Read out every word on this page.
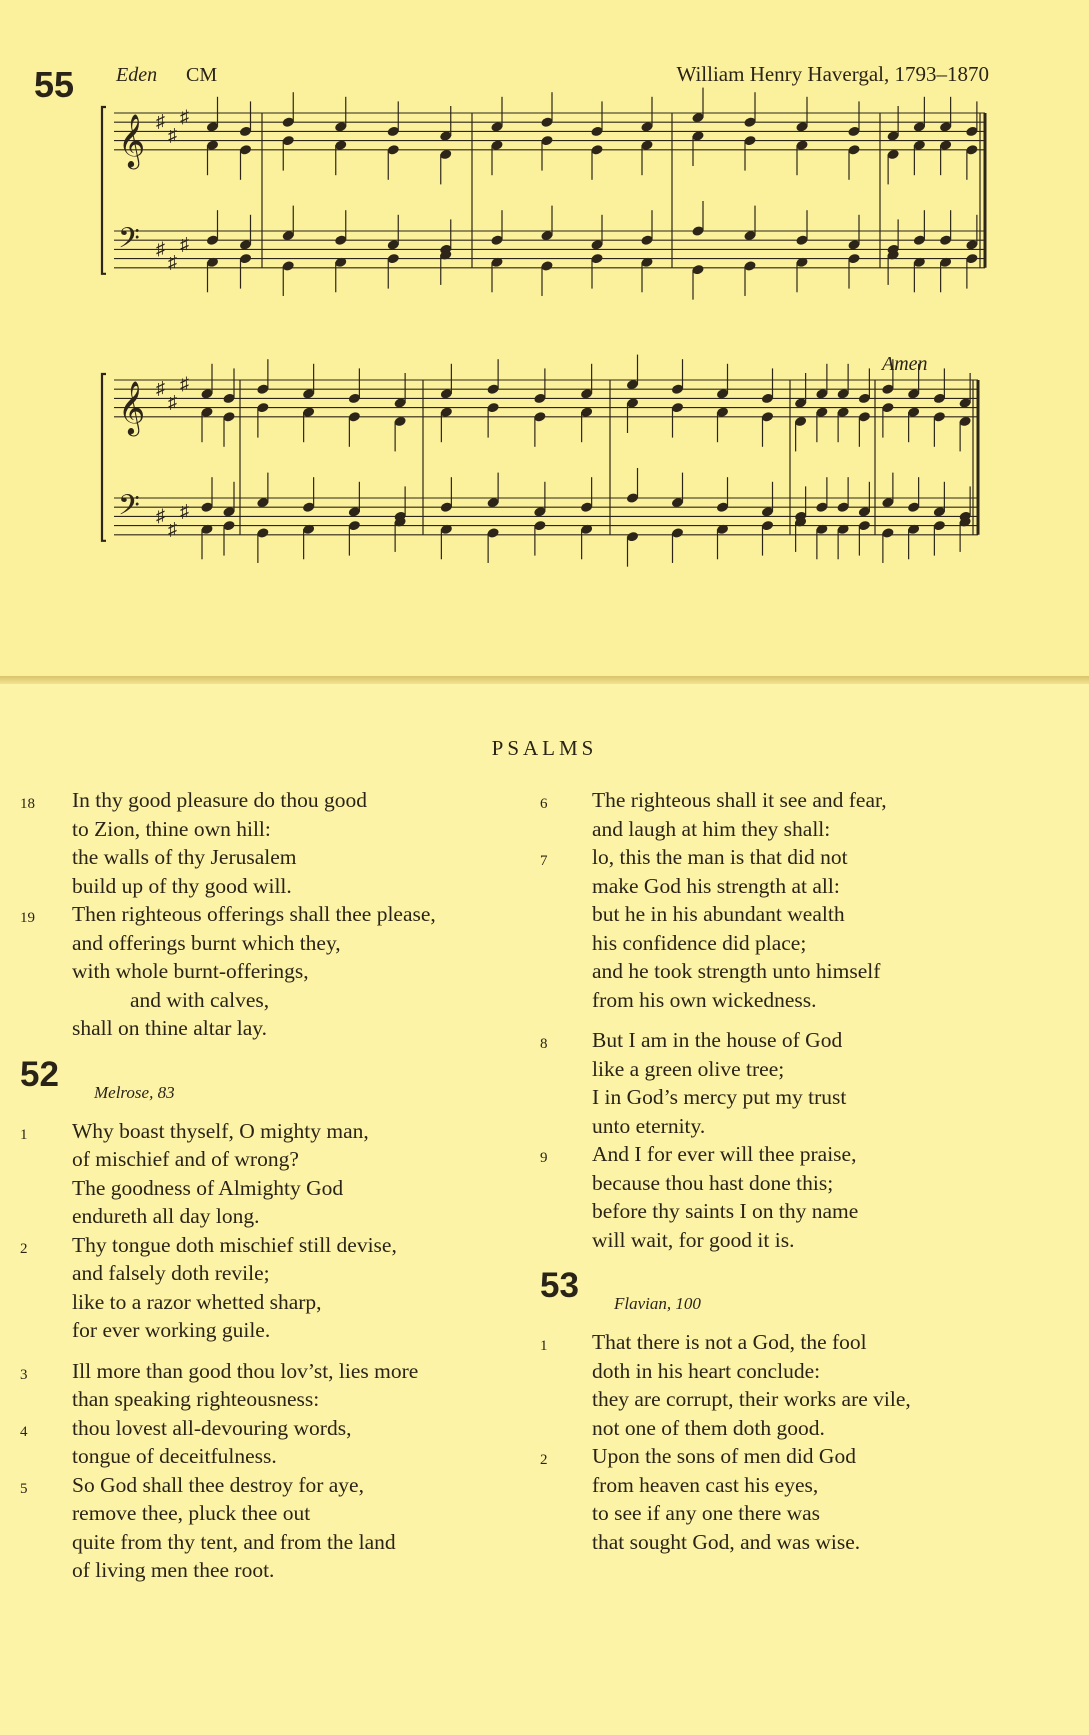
55 Eden CM	William Henry Havergal, 1793–1870
Amen
𝄞
𝄢
♯
♯
♯
♯
♯
♯
𝄞
𝄢
♯
♯
♯
♯
♯
♯
PSALMS
18	In thy good pleasure do thou good
to Zion, thine own hill:
the walls of thy Jerusalem
build up of thy good will.
19	Then righteous offerings shall thee please,
and offerings burnt which they,
with whole burnt-offerings,
and with calves,
shall on thine altar lay.
52 Melrose, 83
1	Why boast thyself, O mighty man,
of mischief and of wrong?
The goodness of Almighty God
endureth all day long.
2	Thy tongue doth mischief still devise,
and falsely doth revile;
like to a razor whetted sharp,
for ever working guile.
3	Ill more than good thou lov’st, lies more
than speaking righteousness:
4	thou lovest all-devouring words,
tongue of deceitfulness.
5	So God shall thee destroy for aye,
remove thee, pluck thee out
quite from thy tent, and from the land
of living men thee root.
6	The righteous shall it see and fear,
and laugh at him they shall:
7	lo, this the man is that did not
make God his strength at all:
but he in his abundant wealth
his confidence did place;
and he took strength unto himself
from his own wickedness.
8	But I am in the house of God
like a green olive tree;
I in God’s mercy put my trust
unto eternity.
9	And I for ever will thee praise,
because thou hast done this;
before thy saints I on thy name
will wait, for good it is.
53 Flavian, 100
1	That there is not a God, the fool
doth in his heart conclude:
they are corrupt, their works are vile,
not one of them doth good.
2	Upon the sons of men did God
from heaven cast his eyes,
to see if any one there was
that sought God, and was wise.
